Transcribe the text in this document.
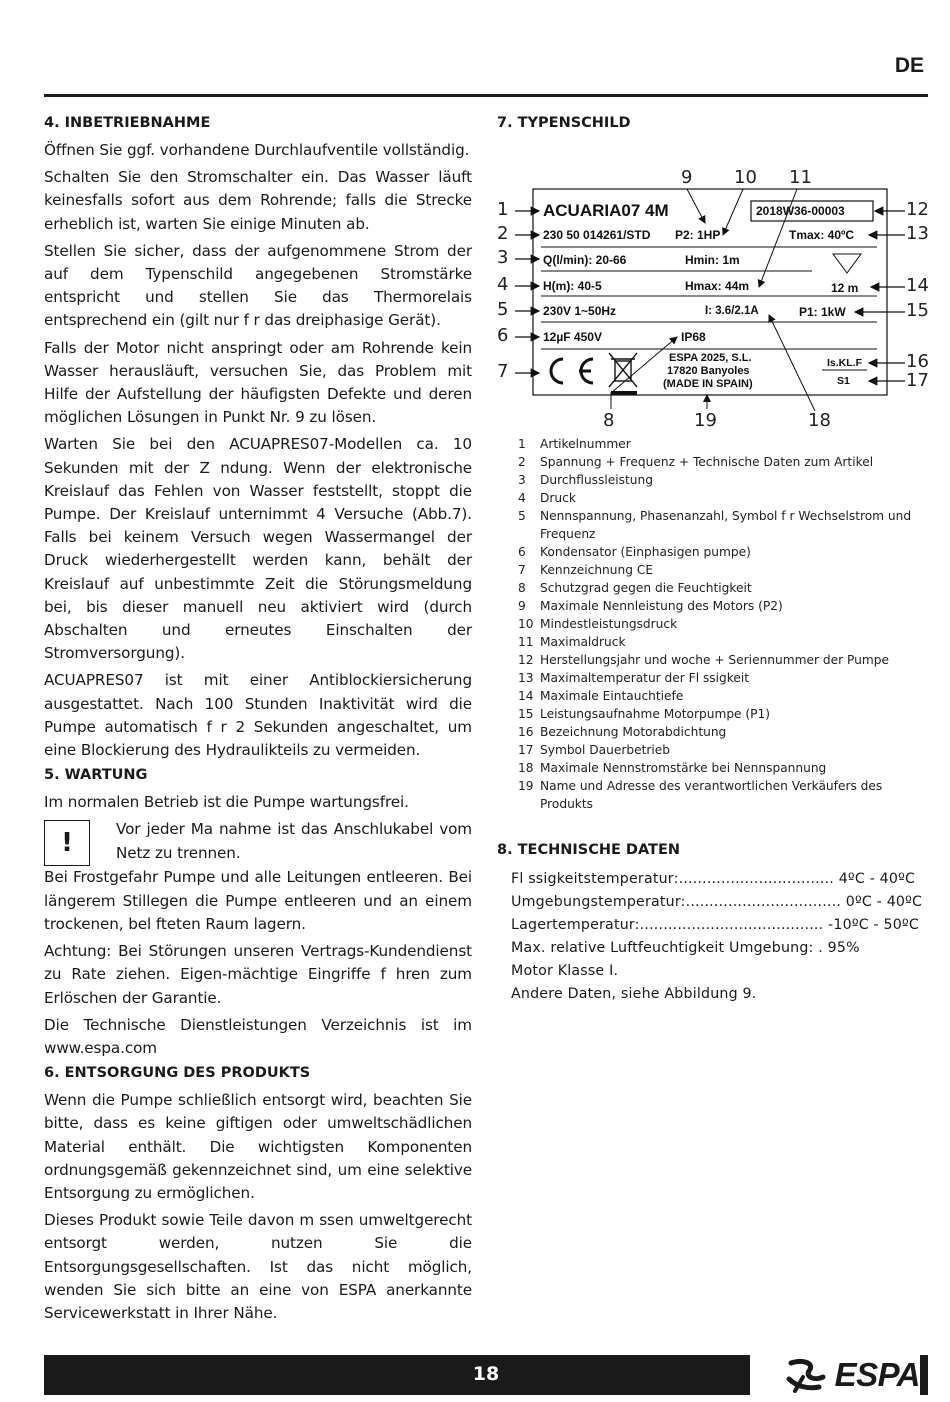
DE
4. INBETRIEBNAHME

Öffnen Sie ggf. vorhandene Durchlaufventile vollständig.

Schalten Sie den Stromschalter ein. Das Wasser läuft keinesfalls sofort aus dem Rohrende; falls die Strecke erheblich ist, warten Sie einige Minuten ab.

Stellen Sie sicher, dass der aufgenommene Strom der auf dem Typenschild angegebenen Stromstärke entspricht und stellen Sie das Thermorelais entsprechend ein (gilt nur f r das dreiphasige Gerät).

Falls der Motor nicht anspringt oder am Rohrende kein Wasser herausläuft, versuchen Sie, das Problem mit Hilfe der Aufstellung der häufigsten Defekte und deren möglichen Lösungen in Punkt Nr. 9 zu lösen.

Warten Sie bei den ACUAPRES07-Modellen ca. 10 Sekunden mit der Z ndung. Wenn der elektronische Kreislauf das Fehlen von Wasser feststellt, stoppt die Pumpe. Der Kreislauf unternimmt 4 Versuche (Abb.7). Falls bei keinem Versuch wegen Wassermangel der Druck wiederhergestellt werden kann, behält der Kreislauf auf unbestimmte Zeit die Störungsmeldung bei, bis dieser manuell neu aktiviert wird (durch Abschalten und erneutes Einschalten der Stromversorgung).

ACUAPRES07 ist mit einer Antiblockiersicherung ausgestattet. Nach 100 Stunden Inaktivität wird die Pumpe automatisch f r 2 Sekunden angeschaltet, um eine Blockierung des Hydraulikteils zu vermeiden.

5. WARTUNG

Im normalen Betrieb ist die Pumpe wartungsfrei.

!	Vor jeder Ma nahme ist das Anschlukabel vom Netz zu trennen.

Bei Frostgefahr Pumpe und alle Leitungen entleeren. Bei längerem Stillegen die Pumpe entleeren und an einem trockenen, bel fteten Raum lagern.

Achtung: Bei Störungen unseren Vertrags-Kundendienst zu Rate ziehen. Eigen-mächtige Eingriffe f hren zum Erlöschen der Garantie.

Die Technische Dienstleistungen Verzeichnis ist im www.espa.com

6. ENTSORGUNG DES PRODUKTS

Wenn die Pumpe schließlich entsorgt wird, beachten Sie bitte, dass es keine giftigen oder umweltschädlichen Material enthält. Die wichtigsten Komponenten ordnungsgemäß gekennzeichnet sind, um eine selektive Entsorgung zu ermöglichen.

Dieses Produkt sowie Teile davon m ssen umweltgerecht entsorgt werden, nutzen Sie die Entsorgungsgesellschaften. Ist das nicht möglich, wenden Sie sich bitte an eine von ESPA anerkannte Servicewerkstatt in Ihrer Nähe.

7. TYPENSCHILD
ACUARIA07 4M	2018W36-00003
230 50 014261/STD P2: 1HP	Tmax: 40ºC
Q(l/min): 20-66	Hmin: 1m
H(m): 40-5	Hmax: 44m	12 m
230V 1~50Hz	I: 3.6/2.1A	P1: 1kW
12µF 450V	IP68
ESPA 2025, S.L.
17820 Banyoles
(MADE IN SPAIN)
Is.KL.F
S1
1
2
3
4
5
6
7
8
9 10 11
12
13
14
15
16
17
18
19
1	Artikelnummer
2	Spannung + Frequenz + Technische Daten zum Artikel
3	Durchflussleistung
4	Druck
5	Nennspannung, Phasenanzahl, Symbol f r Wechselstrom und Frequenz
6	Kondensator (Einphasigen pumpe)
7	Kennzeichnung CE
8	Schutzgrad gegen die Feuchtigkeit
9	Maximale Nennleistung des Motors (P2)
10 Mindestleistungsdruck
11 Maximaldruck
12 Herstellungsjahr und woche + Seriennummer der Pumpe
13 Maximaltemperatur der Fl ssigkeit
14 Maximale Eintauchtiefe
15 Leistungsaufnahme Motorpumpe (P1)
16 Bezeichnung Motorabdichtung
17 Symbol Dauerbetrieb
18 Maximale Nennstromstärke bei Nennspannung
19 Name und Adresse des verantwortlichen Verkäufers des Produkts
8. TECHNISCHE DATEN
Fl ssigkeitstemperatur:................................. 4ºC - 40ºC
Umgebungstemperatur:................................. 0ºC - 40ºC
Lagertemperatur:....................................... -10ºC - 50ºC
Max. relative Luftfeuchtigkeit Umgebung: . 95%
Motor Klasse I.
Andere Daten, siehe Abbildung 9.
18	ESPA
